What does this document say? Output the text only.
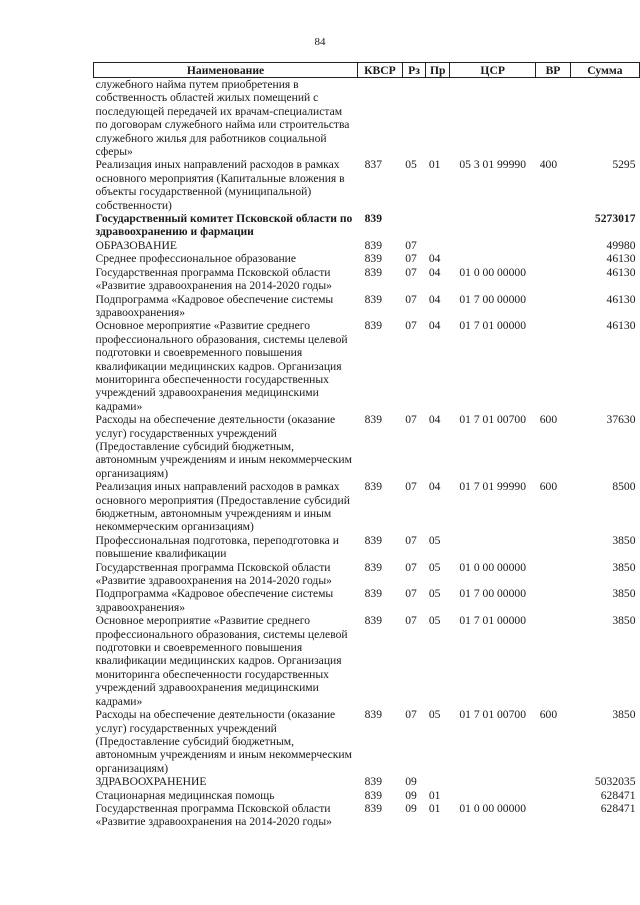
84
Наименование	КВСР	Рз	Пр	ЦСР	ВР	Сумма
служебного найма путем приобретения в собственность областей жилых помещений с последующей передачей их врачам-специалистам по договорам служебного найма или строительства служебного жилья для работников социальной сферы»						
Реализация иных направлений расходов в рамках основного мероприятия (Капитальные вложения в объекты государственной (муниципальной) собственности)	837	05	01	05 3 01 99990	400	5295
Государственный комитет Псковской области по здравоохранению и фармации	839					5273017
ОБРАЗОВАНИЕ	839	07				49980
Среднее профессиональное образование	839	07	04			46130
Государственная программа Псковской области «Развитие здравоохранения на 2014-2020 годы»	839	07	04	01 0 00 00000		46130
Подпрограмма «Кадровое обеспечение системы здравоохранения»	839	07	04	01 7 00 00000		46130
Основное мероприятие «Развитие среднего профессионального образования, системы целевой подготовки и своевременного повышения квалификации медицинских кадров. Организация мониторинга обеспеченности государственных учреждений здравоохранения медицинскими кадрами»	839	07	04	01 7 01 00000		46130
Расходы на обеспечение деятельности (оказание услуг) государственных учреждений (Предоставление субсидий бюджетным, автономным учреждениям и иным некоммерческим организациям)	839	07	04	01 7 01 00700	600	37630
Реализация иных направлений расходов в рамках основного мероприятия (Предоставление субсидий бюджетным, автономным учреждениям и иным некоммерческим организациям)	839	07	04	01 7 01 99990	600	8500
Профессиональная подготовка, переподготовка и повышение квалификации	839	07	05			3850
Государственная программа Псковской области «Развитие здравоохранения на 2014-2020 годы»	839	07	05	01 0 00 00000		3850
Подпрограмма «Кадровое обеспечение системы здравоохранения»	839	07	05	01 7 00 00000		3850
Основное мероприятие «Развитие среднего профессионального образования, системы целевой подготовки и своевременного повышения квалификации медицинских кадров. Организация мониторинга обеспеченности государственных учреждений здравоохранения медицинскими кадрами»	839	07	05	01 7 01 00000		3850
Расходы на обеспечение деятельности (оказание услуг) государственных учреждений (Предоставление субсидий бюджетным, автономным учреждениям и иным некоммерческим организациям)	839	07	05	01 7 01 00700	600	3850
ЗДРАВООХРАНЕНИЕ	839	09				5032035
Стационарная медицинская помощь	839	09	01			628471
Государственная программа Псковской области «Развитие здравоохранения на 2014-2020 годы»	839	09	01	01 0 00 00000		628471
